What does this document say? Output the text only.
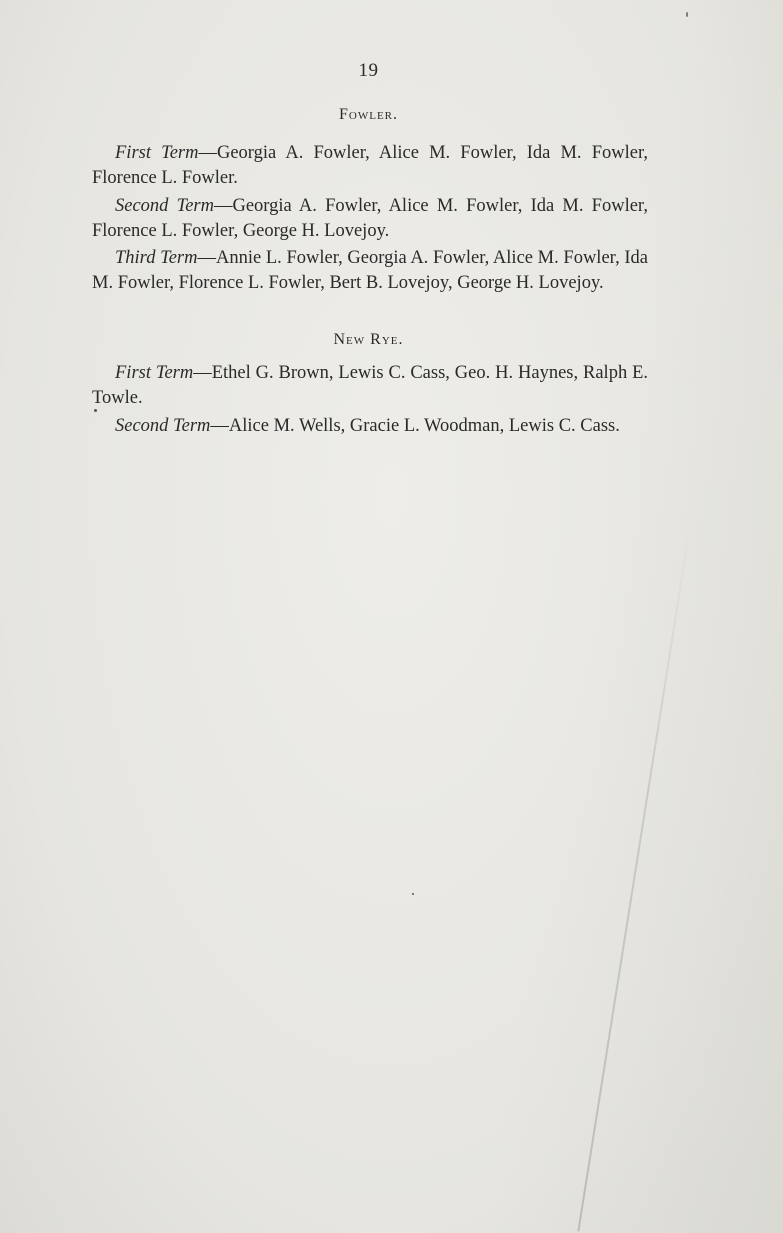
19
Fowler.

First Term—Georgia A. Fowler, Alice M. Fowler, Ida M. Fowler, Florence L. Fowler.

Second Term—Georgia A. Fowler, Alice M. Fowler, Ida M. Fowler, Florence L. Fowler, George H. Lovejoy.

Third Term—Annie L. Fowler, Georgia A. Fowler, Alice M. Fowler, Ida M. Fowler, Florence L. Fowler, Bert B. Lovejoy, George H. Lovejoy.

New Rye.

First Term—Ethel G. Brown, Lewis C. Cass, Geo. H. Haynes, Ralph E. Towle.

Second Term—Alice M. Wells, Gracie L. Woodman, Lewis C. Cass.
